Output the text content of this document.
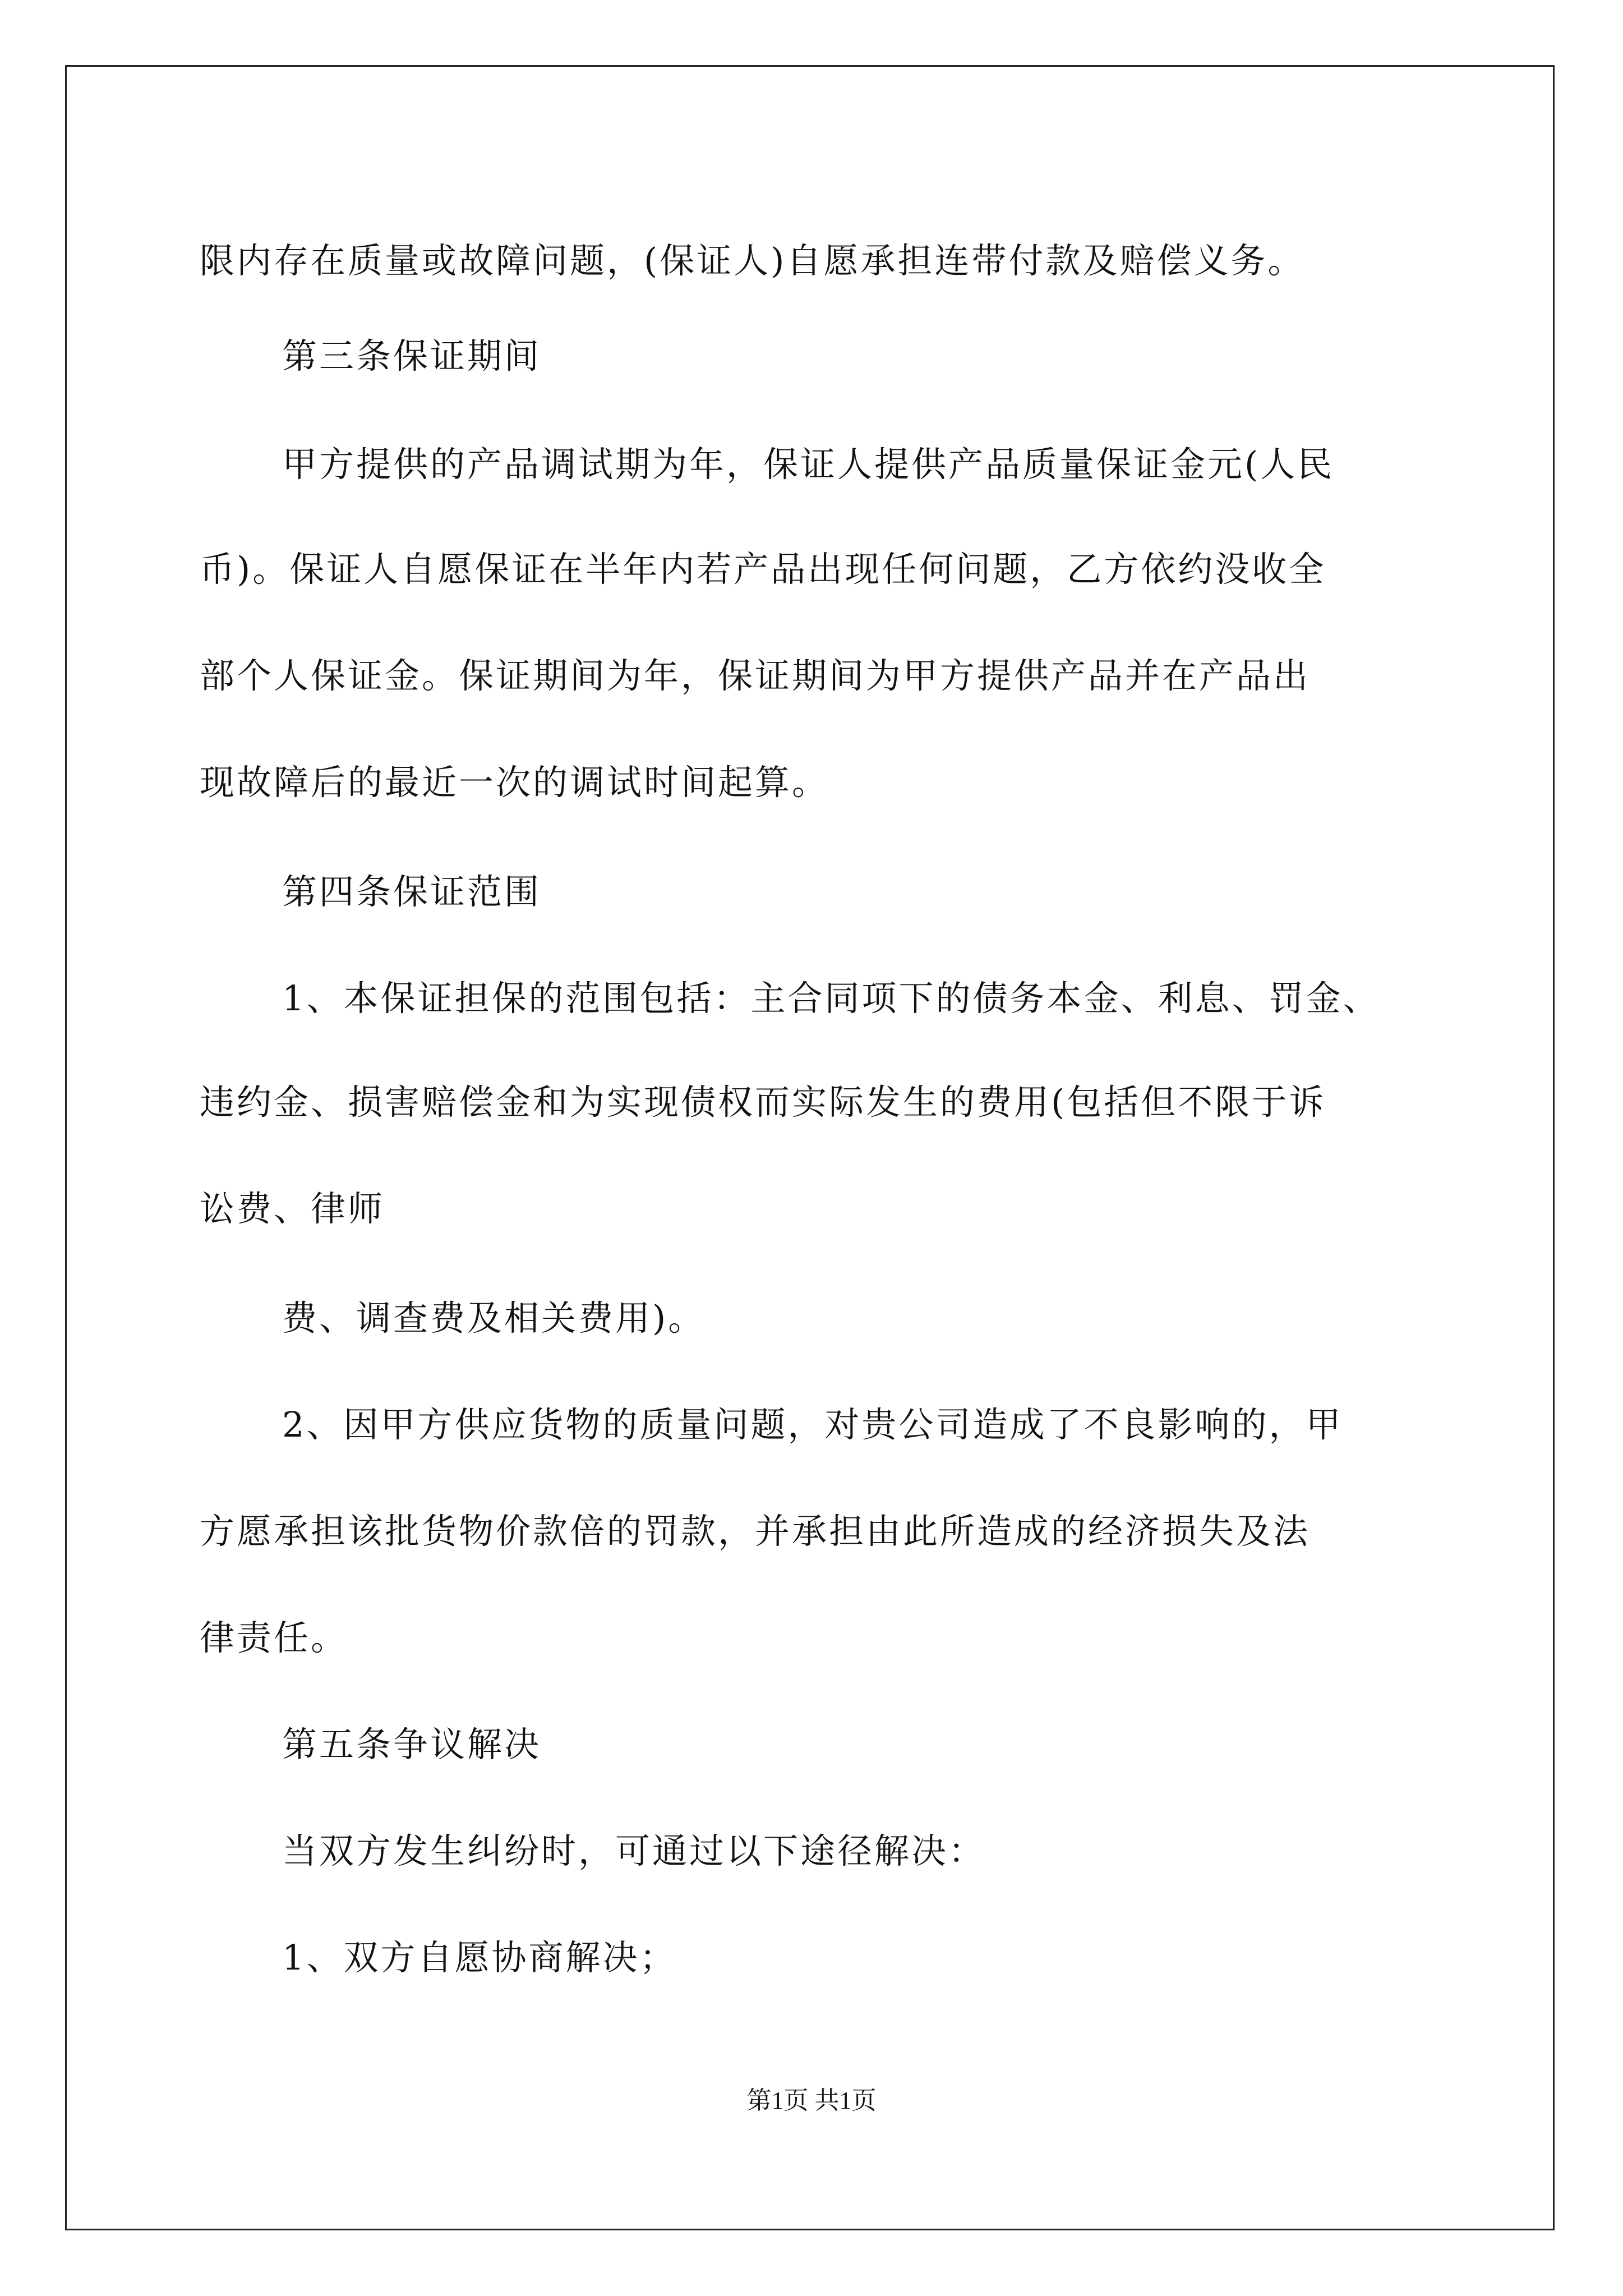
限内存在质量或故障问题，(保证人)自愿承担连带付款及赔偿义务。

第三条保证期间

甲方提供的产品调试期为年，保证人提供产品质量保证金元(人民

币)。保证人自愿保证在半年内若产品出现任何问题，乙方依约没收全

部个人保证金。保证期间为年，保证期间为甲方提供产品并在产品出

现故障后的最近一次的调试时间起算。

第四条保证范围

1、本保证担保的范围包括：主合同项下的债务本金、利息、罚金、

违约金、损害赔偿金和为实现债权而实际发生的费用(包括但不限于诉

讼费、律师

费、调查费及相关费用)。

2、因甲方供应货物的质量问题，对贵公司造成了不良影响的，甲

方愿承担该批货物价款倍的罚款，并承担由此所造成的经济损失及法

律责任。

第五条争议解决

当双方发生纠纷时，可通过以下途径解决：

1、双方自愿协商解决；

第1页 共1页
